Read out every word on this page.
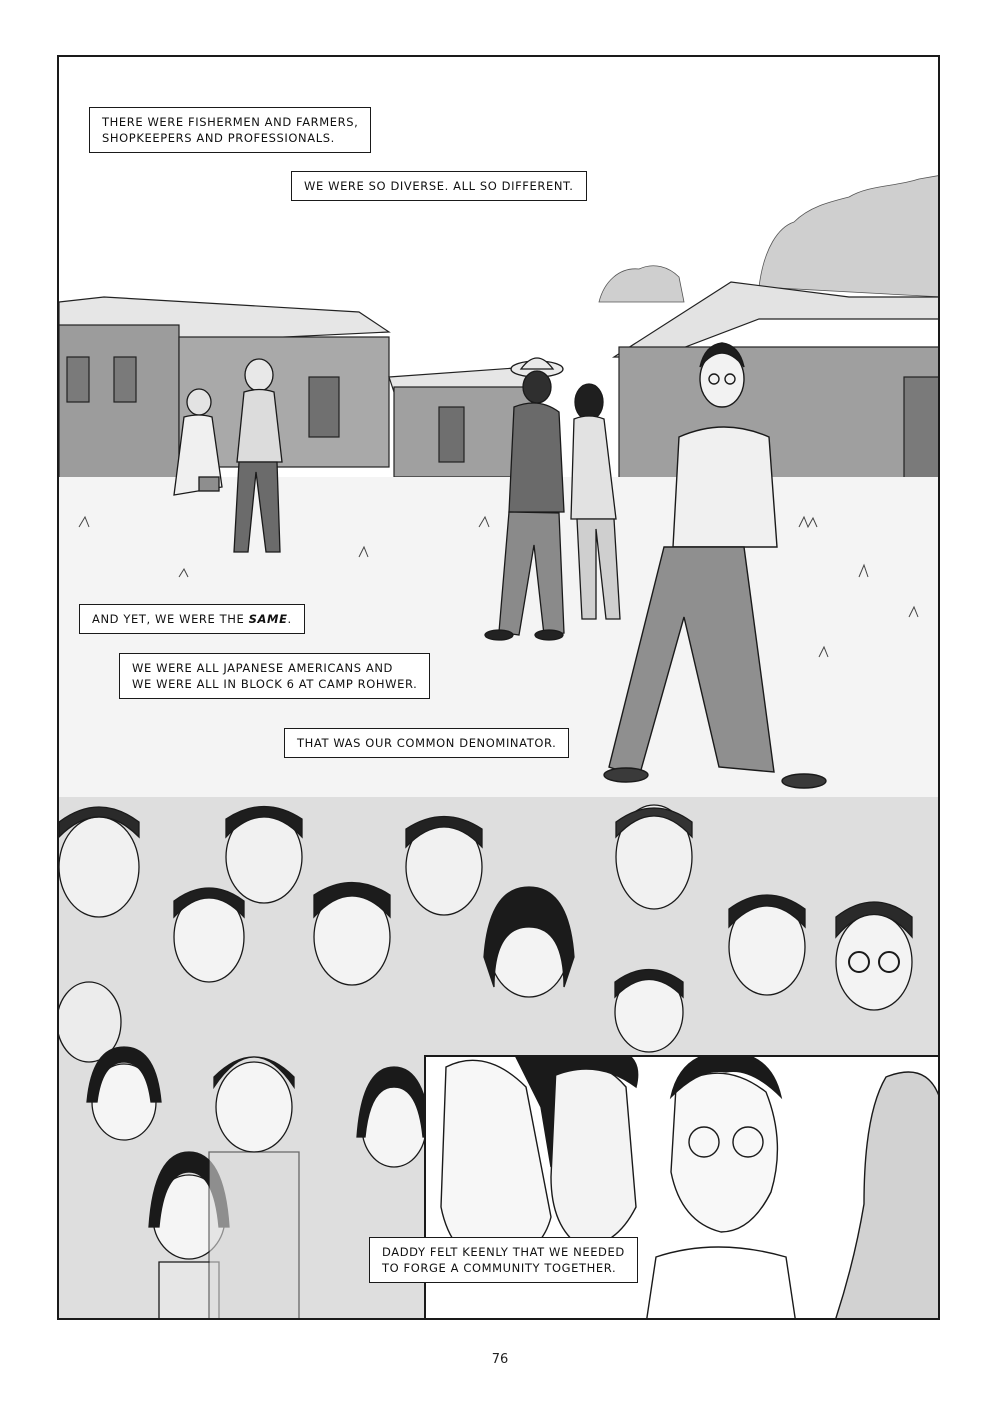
THERE WERE FISHERMEN AND FARMERS,
SHOPKEEPERS AND PROFESSIONALS.
WE WERE SO DIVERSE. ALL SO DIFFERENT.
AND YET, WE WERE THE SAME.
WE WERE ALL JAPANESE AMERICANS AND
WE WERE ALL IN BLOCK 6 AT CAMP ROHWER.
THAT WAS OUR COMMON DENOMINATOR.
DADDY FELT KEENLY THAT WE NEEDED
TO FORGE A COMMUNITY TOGETHER.
76
